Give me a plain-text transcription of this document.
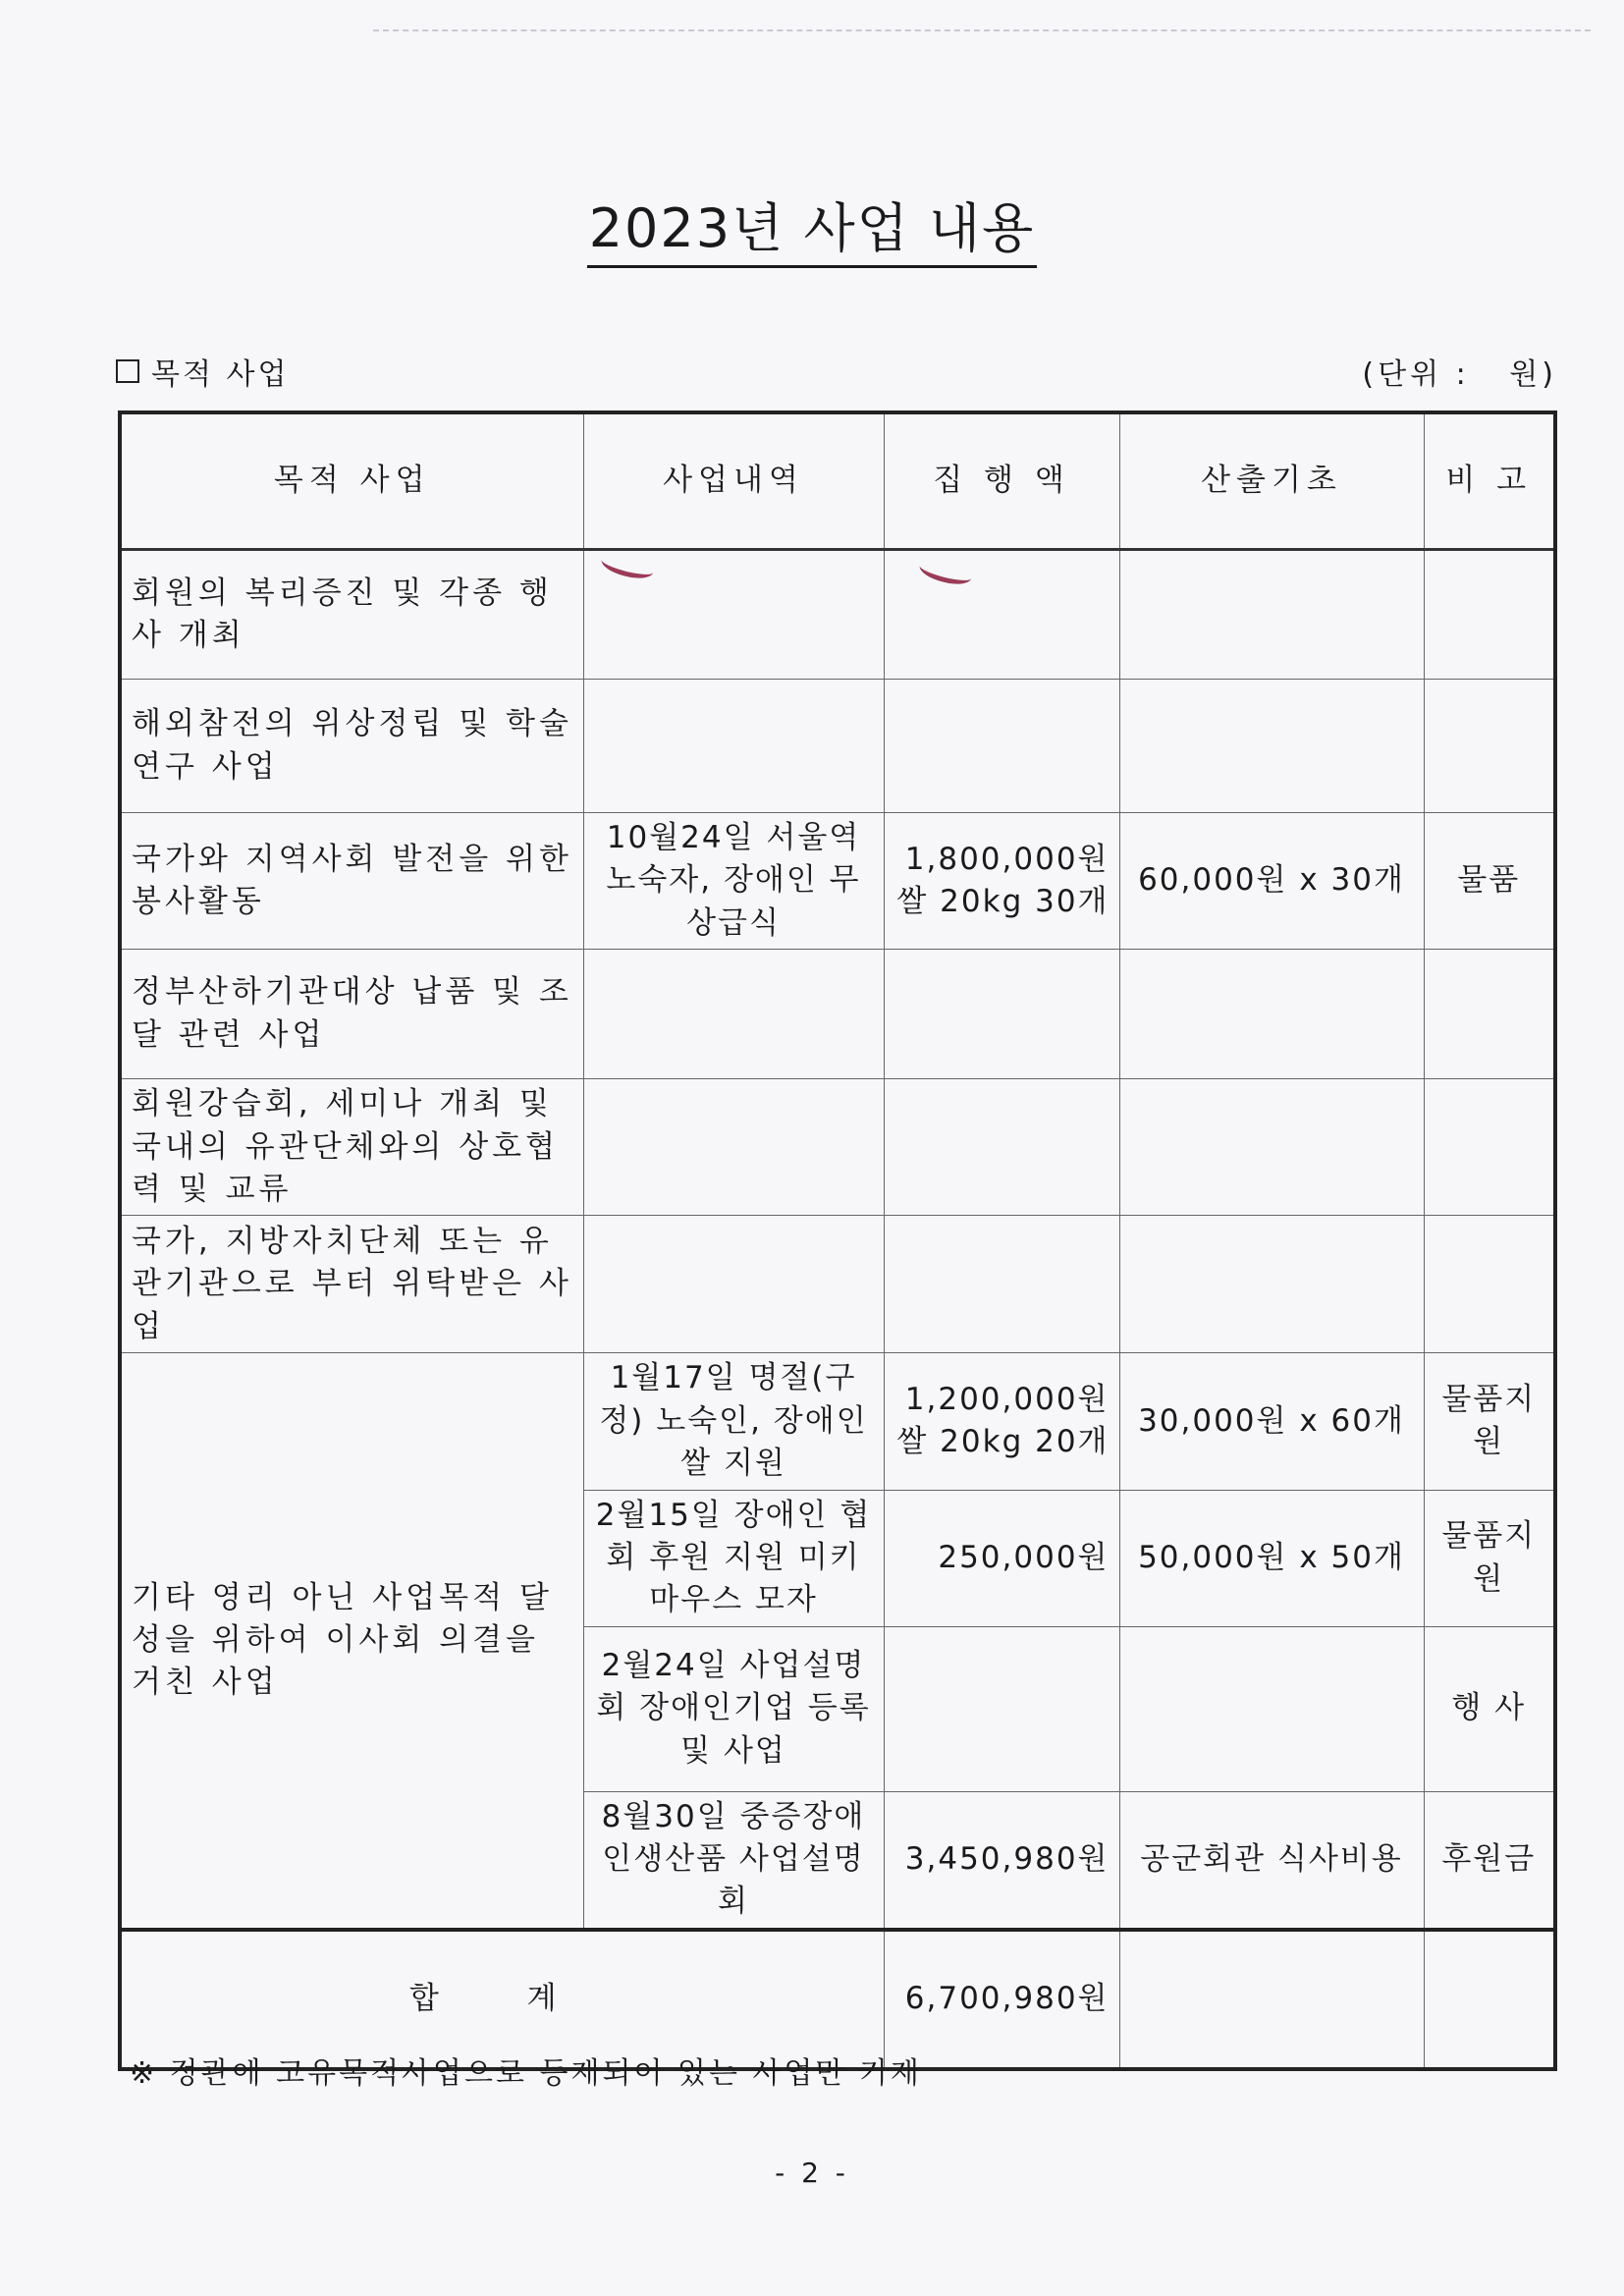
2023년 사업 내용
목적 사업	(단위 :   원)
목적 사업	사업내역	집 행 액	산출기초	비 고
회원의 복리증진 및 각종 행사 개최				
해외참전의 위상정립 및 학술연구 사업				
국가와 지역사회 발전을 위한 봉사활동	10월24일 서울역 노숙자, 장애인 무상급식	1,800,000원 쌀 20kg 30개	60,000원 x 30개	물품
정부산하기관대상 납품 및 조달 관련 사업				
회원강습회, 세미나 개최 및 국내의 유관단체와의 상호협력 및 교류				
국가, 지방자치단체 또는 유관기관으로 부터 위탁받은 사업				
기타 영리 아닌 사업목적 달성을 위하여 이사회 의결을 거친 사업	1월17일 명절(구정) 노숙인, 장애인 쌀 지원	1,200,000원 쌀 20kg 20개	30,000원 x 60개	물품지원
	2월15일 장애인 협회 후원 지원 미키마우스 모자	250,000원	50,000원 x 50개	물품지원
	2월24일 사업설명회 장애인기업 등록 및 사업			행 사
	8월30일 중증장애인생산품 사업설명회	3,450,980원	공군회관 식사비용	후원금
합 계		6,700,980원		
※ 정관에 고유목적사업으로 등재되어 있는 사업만 기재
- 2 -
